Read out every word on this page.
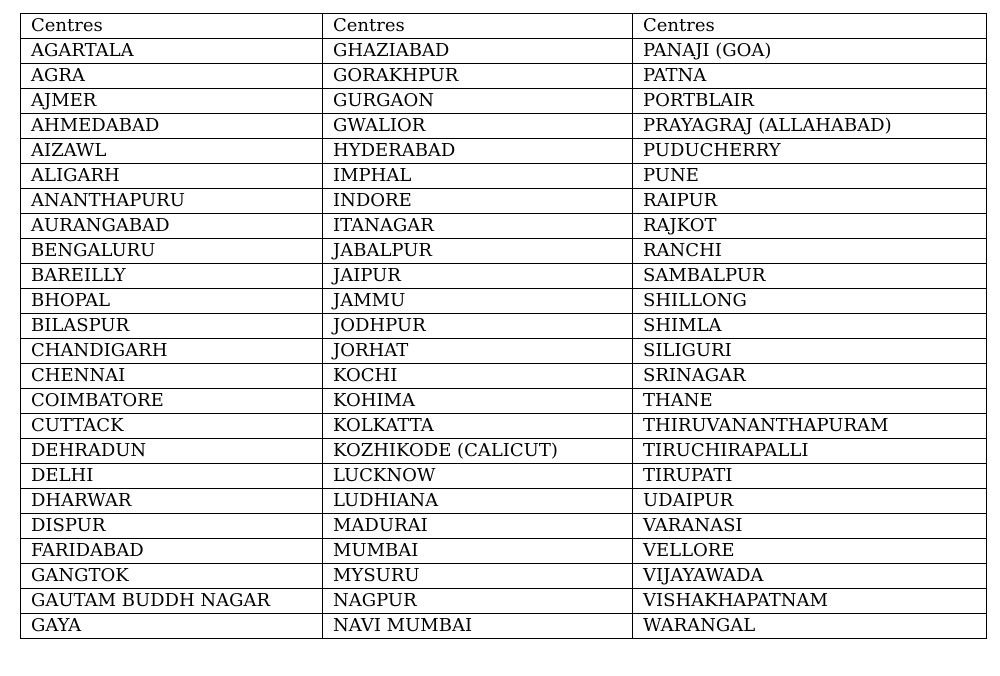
Centres	Centres	Centres
AGARTALA	GHAZIABAD	PANAJI (GOA)
AGRA	GORAKHPUR	PATNA
AJMER	GURGAON	PORTBLAIR
AHMEDABAD	GWALIOR	PRAYAGRAJ (ALLAHABAD)
AIZAWL	HYDERABAD	PUDUCHERRY
ALIGARH	IMPHAL	PUNE
ANANTHAPURU	INDORE	RAIPUR
AURANGABAD	ITANAGAR	RAJKOT
BENGALURU	JABALPUR	RANCHI
BAREILLY	JAIPUR	SAMBALPUR
BHOPAL	JAMMU	SHILLONG
BILASPUR	JODHPUR	SHIMLA
CHANDIGARH	JORHAT	SILIGURI
CHENNAI	KOCHI	SRINAGAR
COIMBATORE	KOHIMA	THANE
CUTTACK	KOLKATTA	THIRUVANANTHAPURAM
DEHRADUN	KOZHIKODE (CALICUT)	TIRUCHIRAPALLI
DELHI	LUCKNOW	TIRUPATI
DHARWAR	LUDHIANA	UDAIPUR
DISPUR	MADURAI	VARANASI
FARIDABAD	MUMBAI	VELLORE
GANGTOK	MYSURU	VIJAYAWADA
GAUTAM BUDDH NAGAR	NAGPUR	VISHAKHAPATNAM
GAYA	NAVI MUMBAI	WARANGAL
